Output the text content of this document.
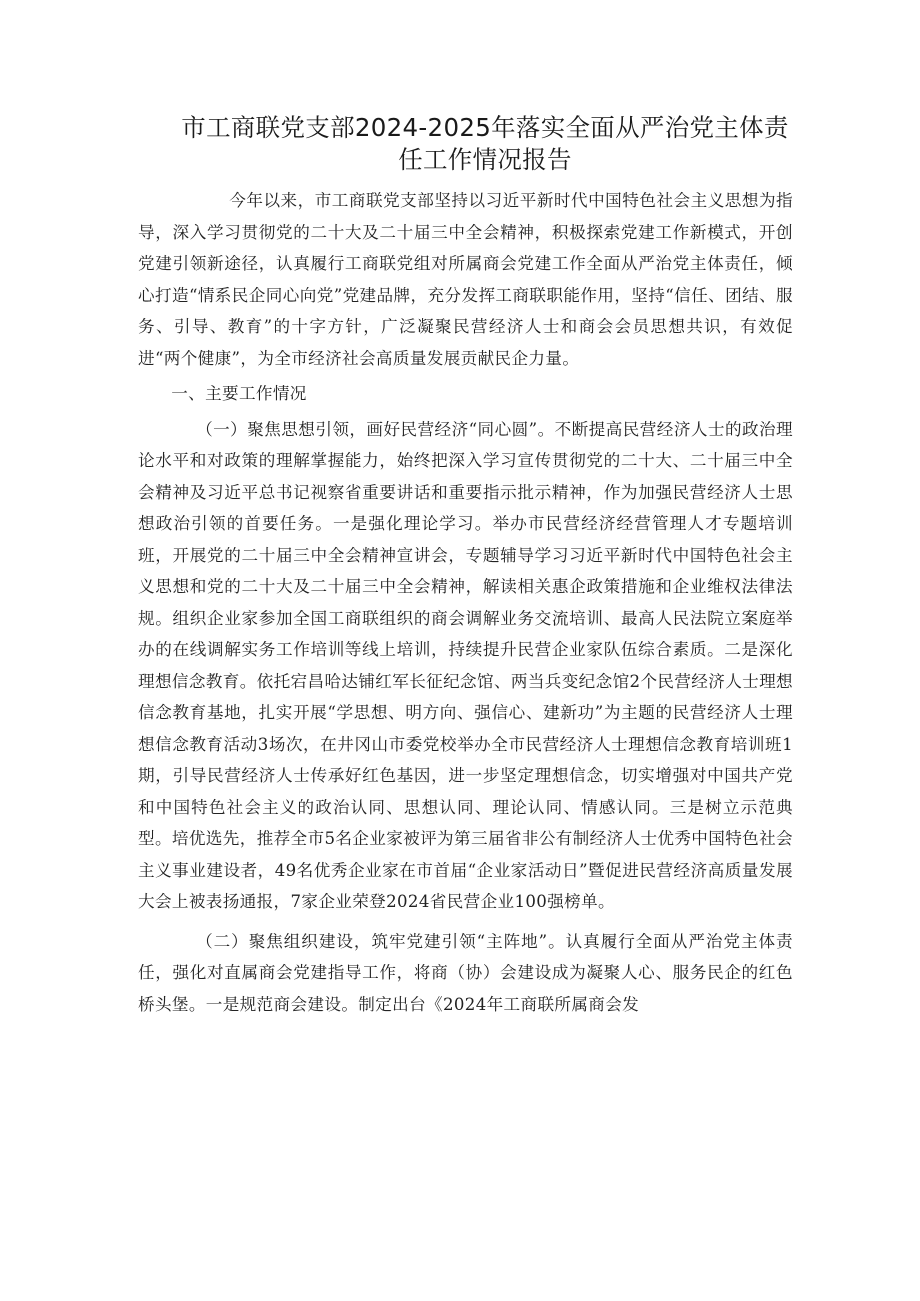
市工商联党支部2024-2025年落实全面从严治党主体责
任工作情况报告

今年以来，市工商联党支部坚持以习近平新时代中国特色社会主义思想为指导，深入学习贯彻党的二十大及二十届三中全会精神，积极探索党建工作新模式，开创党建引领新途径，认真履行工商联党组对所属商会党建工作全面从严治党主体责任，倾心打造“情系民企同心向党”党建品牌，充分发挥工商联职能作用，坚持“信任、团结、服务、引导、教育”的十字方针，广泛凝聚民营经济人士和商会会员思想共识，有效促进“两个健康”，为全市经济社会高质量发展贡献民企力量。

一、主要工作情况

（一）聚焦思想引领，画好民营经济“同心圆”。不断提高民营经济人士的政治理论水平和对政策的理解掌握能力，始终把深入学习宣传贯彻党的二十大、二十届三中全会精神及习近平总书记视察省重要讲话和重要指示批示精神，作为加强民营经济人士思想政治引领的首要任务。一是强化理论学习。举办市民营经济经营管理人才专题培训班，开展党的二十届三中全会精神宣讲会，专题辅导学习习近平新时代中国特色社会主义思想和党的二十大及二十届三中全会精神，解读相关惠企政策措施和企业维权法律法规。组织企业家参加全国工商联组织的商会调解业务交流培训、最高人民法院立案庭举办的在线调解实务工作培训等线上培训，持续提升民营企业家队伍综合素质。二是深化理想信念教育。依托宕昌哈达铺红军长征纪念馆、两当兵变纪念馆2个民营经济人士理想信念教育基地，扎实开展“学思想、明方向、强信心、建新功”为主题的民营经济人士理想信念教育活动3场次，在井冈山市委党校举办全市民营经济人士理想信念教育培训班1期，引导民营经济人士传承好红色基因，进一步坚定理想信念，切实增强对中国共产党和中国特色社会主义的政治认同、思想认同、理论认同、情感认同。三是树立示范典型。培优选先，推荐全市5名企业家被评为第三届省非公有制经济人士优秀中国特色社会主义事业建设者，49名优秀企业家在市首届“企业家活动日”暨促进民营经济高质量发展大会上被表扬通报，7家企业荣登2024省民营企业100强榜单。

（二）聚焦组织建设，筑牢党建引领“主阵地”。认真履行全面从严治党主体责任，强化对直属商会党建指导工作，将商（协）会建设成为凝聚人心、服务民企的红色桥头堡。一是规范商会建设。制定出台《2024年工商联所属商会发
